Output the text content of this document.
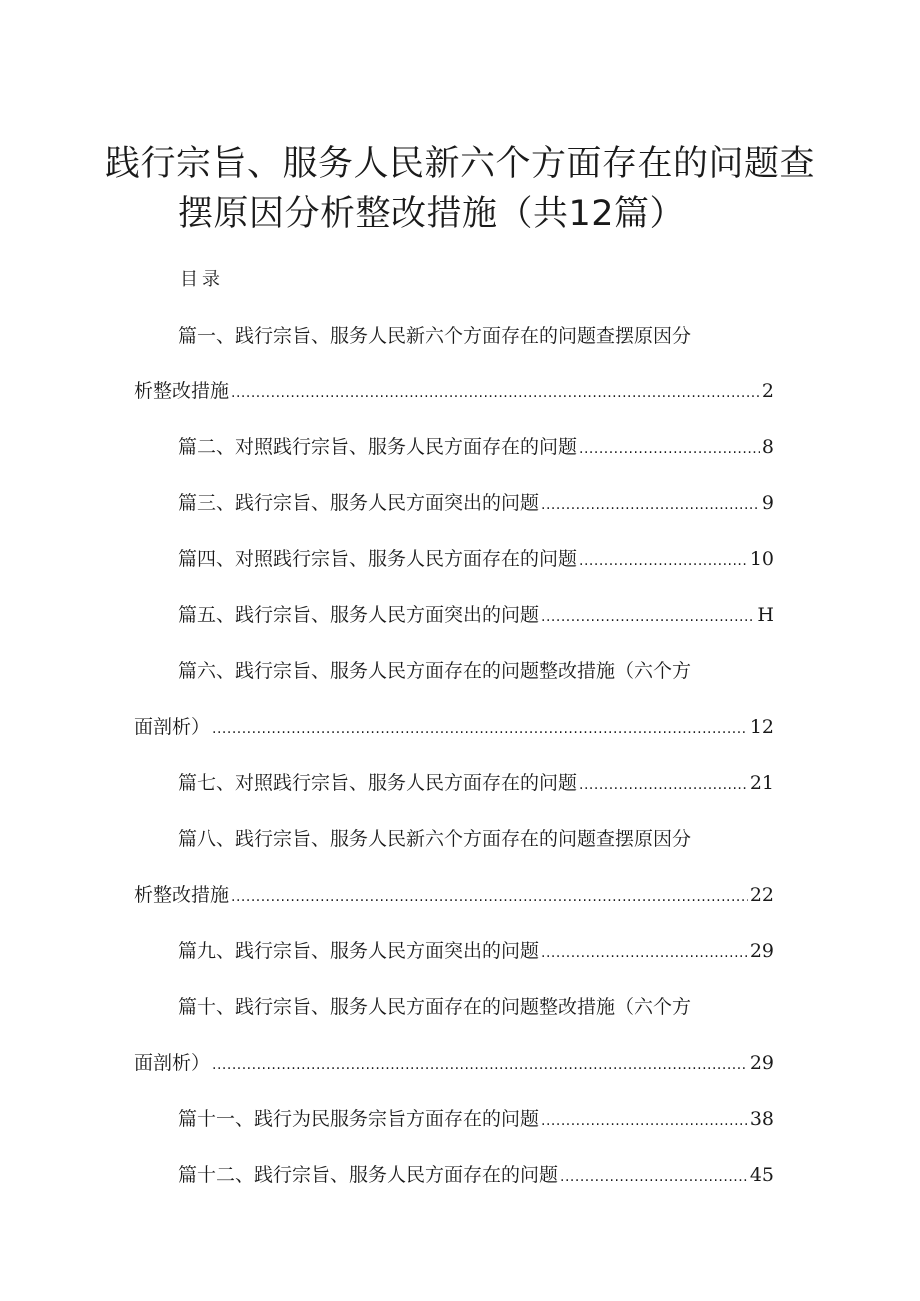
践行宗旨、服务人民新六个方面存在的问题查
摆原因分析整改措施（共12篇）
目录
篇一、践行宗旨、服务人民新六个方面存在的问题查摆原因分
析整改措施 .....	2
篇二、对照践行宗旨、服务人民方面存在的问题 .....	8
篇三、践行宗旨、服务人民方面突出的问题 .....	9
篇四、对照践行宗旨、服务人民方面存在的问题 .....	10
篇五、践行宗旨、服务人民方面突出的问题 .....	H
篇六、践行宗旨、服务人民方面存在的问题整改措施（六个方
面剖析） .....	12
篇七、对照践行宗旨、服务人民方面存在的问题 .....	21
篇八、践行宗旨、服务人民新六个方面存在的问题查摆原因分
析整改措施 .....	22
篇九、践行宗旨、服务人民方面突出的问题 .....	29
篇十、践行宗旨、服务人民方面存在的问题整改措施（六个方
面剖析） .....	29
篇十一、践行为民服务宗旨方面存在的问题 .....	38
篇十二、践行宗旨、服务人民方面存在的问题 .....	45
